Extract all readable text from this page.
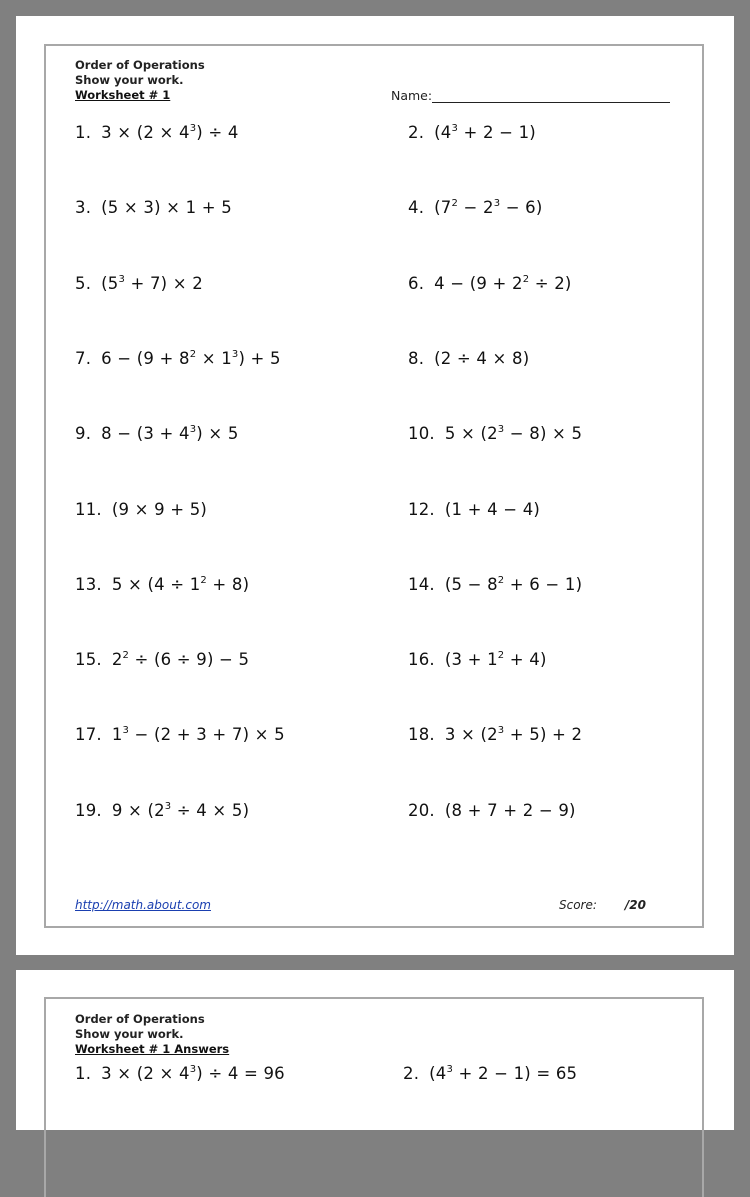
Order of Operations
Show your work.
Worksheet # 1	Name:
1. $3 \times (2 \times 4^3) \div 4$	2. $(4^3 + 2 - 1)$
3. (5 × 3) × 1 + 5	4. $(7^2 - 2^3 - 6)$
5. $(5^3 + 7) \times 2$	6. $4 - (9 + 2^2 \div 2)$
7. $6 - (9 + 8^2 \times 1^3) + 5$	8. (2 ÷ 4 × 8)
9. $8 - (3 + 4^3) \times 5$	10. $5 \times (2^3 - 8) \times 5$
11. (9 × 9 + 5)	12. (1 + 4 − 4)
13. $5 \times (4 \div 1^2 + 8)$	14. $(5 - 8^2 + 6 - 1)$
15. $2^2 \div (6 \div 9) - 5$	16. $(3 + 1^2 + 4)$
17. $1^3 - (2 + 3 + 7) \times 5$	18. $3 \times (2^3 + 5) + 2$
19. $9 \times (2^3 \div 4 \times 5)$	20. (8 + 7 + 2 − 9)
http://math.about.com	Score: /20
Order of Operations
Show your work.
Worksheet # 1 Answers
1. $3 \times (2 \times 4^3) \div 4 = 96$	2. $(4^3 + 2 - 1) = 65$
